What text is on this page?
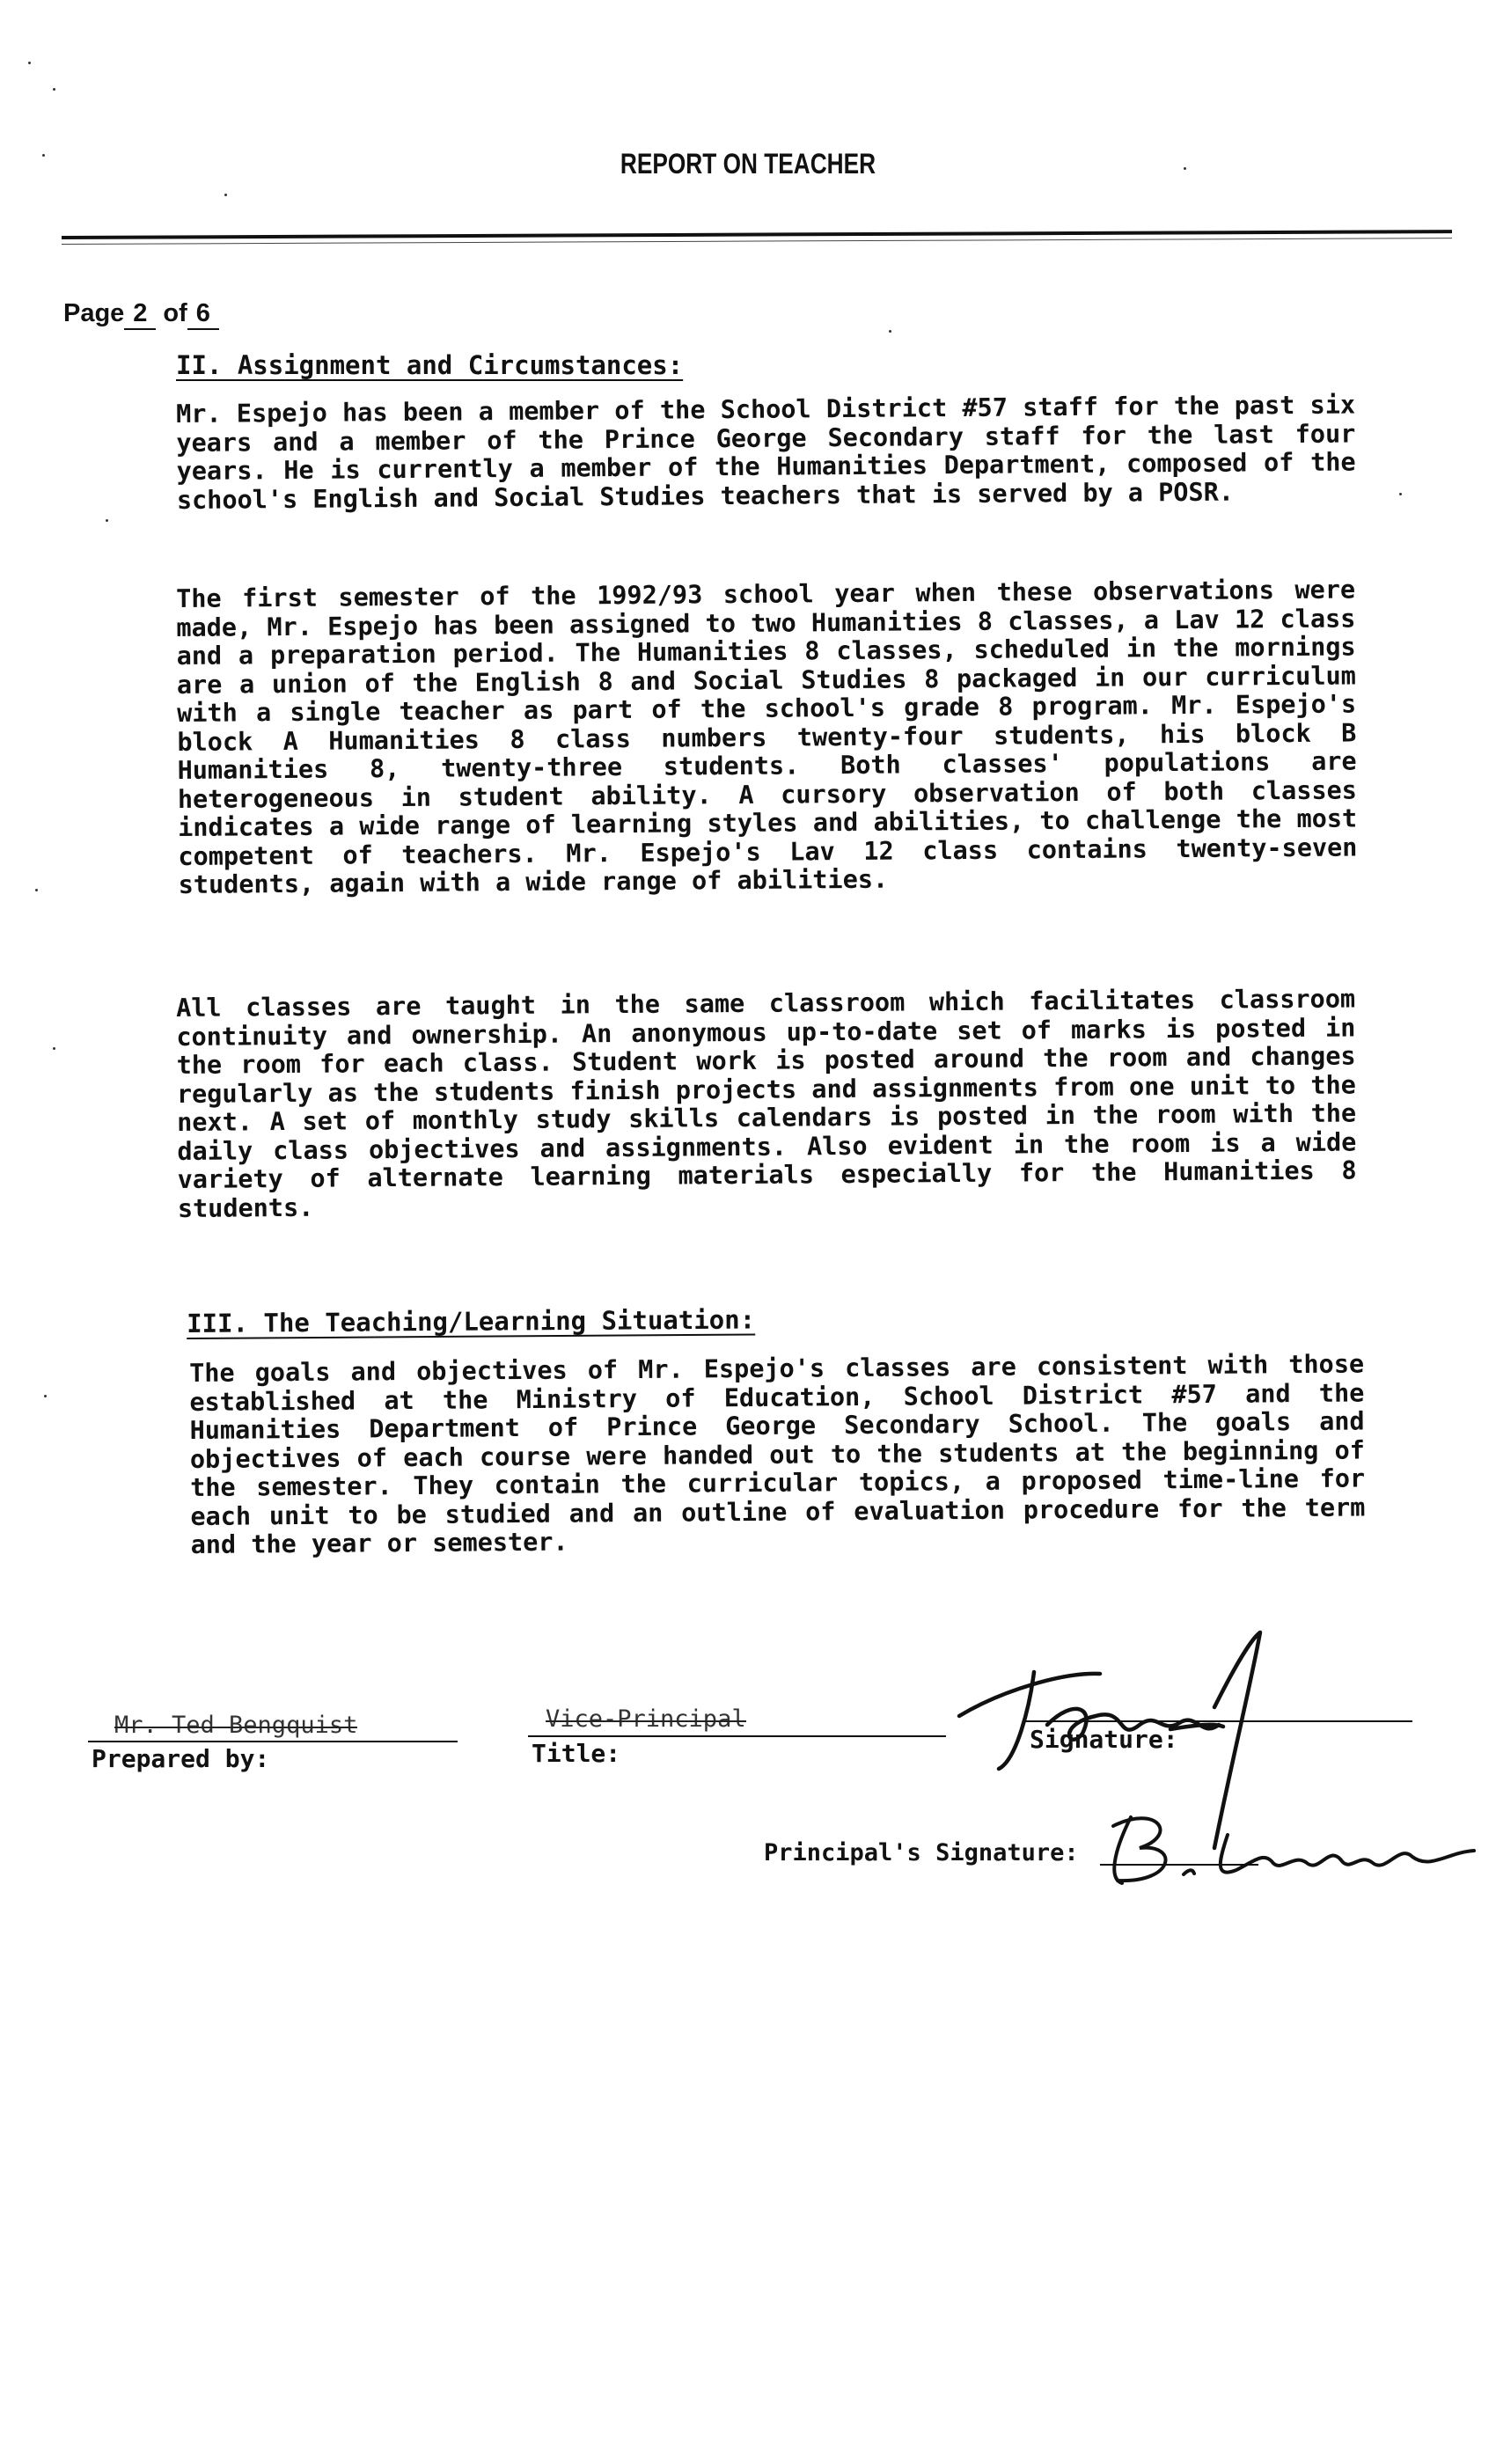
REPORT ON TEACHER
Page 2 of 6
II. Assignment and Circumstances:

Mr. Espejo has been a member of the School District #57 staff for the past six years and a member of the Prince George Secondary staff for the last four years. He is currently a member of the Humanities Department, composed of the school's English and Social Studies teachers that is served by a POSR.

The first semester of the 1992/93 school year when these observations were made, Mr. Espejo has been assigned to two Humanities 8 classes, a Lav 12 class and a preparation period. The Humanities 8 classes, scheduled in the mornings are a union of the English 8 and Social Studies 8 packaged in our curriculum with a single teacher as part of the school's grade 8 program. Mr. Espejo's block A Humanities 8 class numbers twenty-four students, his block B Humanities 8, twenty-three students. Both classes' populations are heterogeneous in student ability. A cursory observation of both classes indicates a wide range of learning styles and abilities, to challenge the most competent of teachers. Mr. Espejo's Lav 12 class contains twenty-seven students, again with a wide range of abilities.

All classes are taught in the same classroom which facilitates classroom continuity and ownership. An anonymous up-to-date set of marks is posted in the room for each class. Student work is posted around the room and changes regularly as the students finish projects and assignments from one unit to the next. A set of monthly study skills calendars is posted in the room with the daily class objectives and assignments. Also evident in the room is a wide variety of alternate learning materials especially for the Humanities 8 students.

III. The Teaching/Learning Situation:

The goals and objectives of Mr. Espejo's classes are consistent with those established at the Ministry of Education, School District #57 and the Humanities Department of Prince George Secondary School. The goals and objectives of each course were handed out to the students at the beginning of the semester. They contain the curricular topics, a proposed time-line for each unit to be studied and an outline of evaluation procedure for the term and the year or semester.

Mr. Ted Bengquist
Prepared by:
Vice-Principal
Title:	Signature:
Principal's Signature:
